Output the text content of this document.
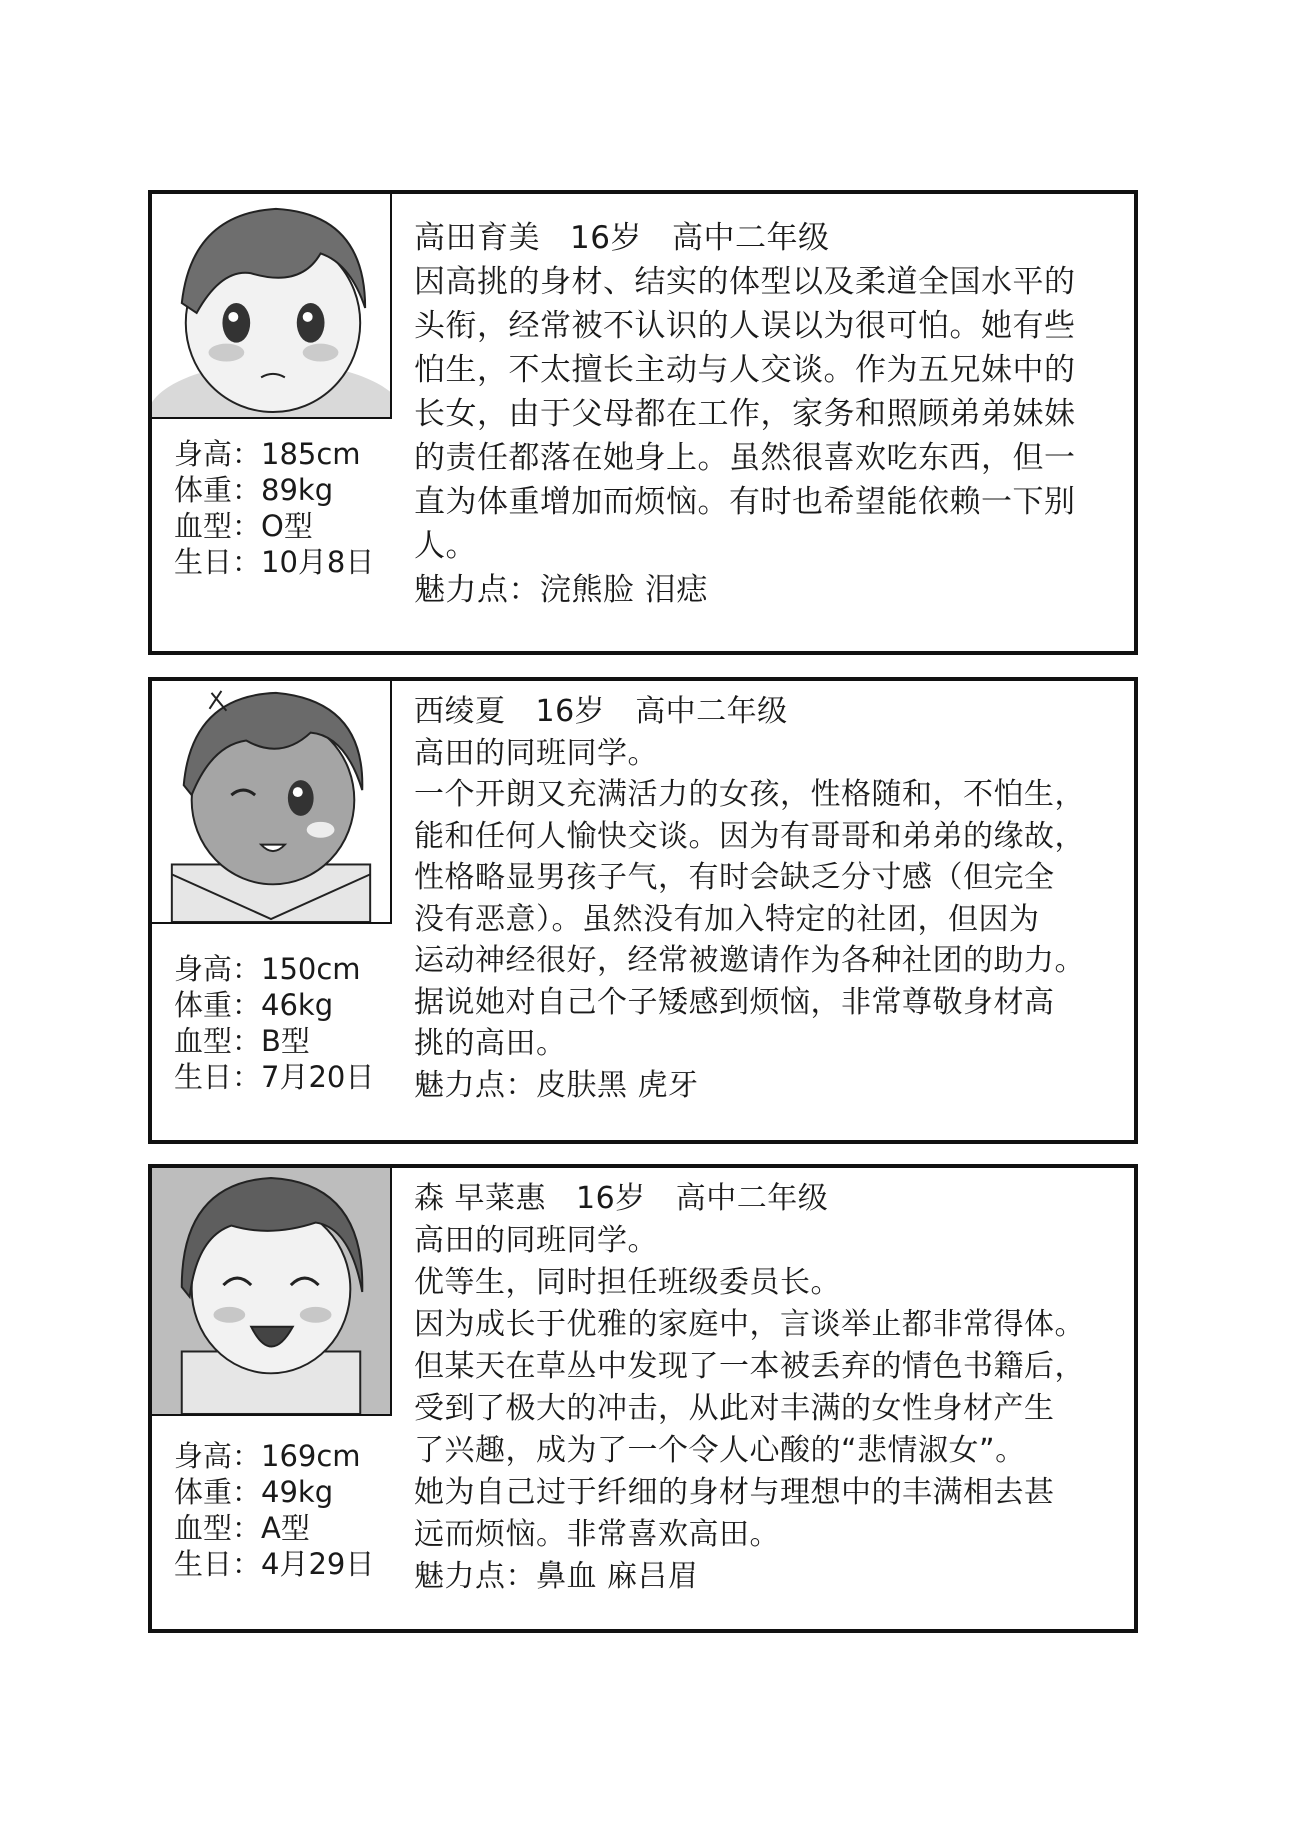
身高：185cm
体重：89kg
血型：O型
生日：10月8日
高田育美 16岁 高中二年级
因高挑的身材、结实的体型以及柔道全国水平的
头衔，经常被不认识的人误以为很可怕。她有些
怕生，不太擅长主动与人交谈。作为五兄妹中的
长女，由于父母都在工作，家务和照顾弟弟妹妹
的责任都落在她身上。虽然很喜欢吃东西，但一
直为体重增加而烦恼。有时也希望能依赖一下别
人。
魅力点：浣熊脸 泪痣
身高：150cm
体重：46kg
血型：B型
生日：7月20日
西绫夏 16岁 高中二年级
高田的同班同学。
一个开朗又充满活力的女孩，性格随和，不怕生，
能和任何人愉快交谈。因为有哥哥和弟弟的缘故，
性格略显男孩子气，有时会缺乏分寸感（但完全
没有恶意）。虽然没有加入特定的社团，但因为
运动神经很好，经常被邀请作为各种社团的助力。
据说她对自己个子矮感到烦恼，非常尊敬身材高
挑的高田。
魅力点：皮肤黑 虎牙
身高：169cm
体重：49kg
血型：A型
生日：4月29日
森 早菜惠 16岁 高中二年级
高田的同班同学。
优等生，同时担任班级委员长。
因为成长于优雅的家庭中，言谈举止都非常得体。
但某天在草丛中发现了一本被丢弃的情色书籍后，
受到了极大的冲击，从此对丰满的女性身材产生
了兴趣，成为了一个令人心酸的“悲情淑女”。
她为自己过于纤细的身材与理想中的丰满相去甚
远而烦恼。非常喜欢高田。
魅力点：鼻血 麻吕眉
